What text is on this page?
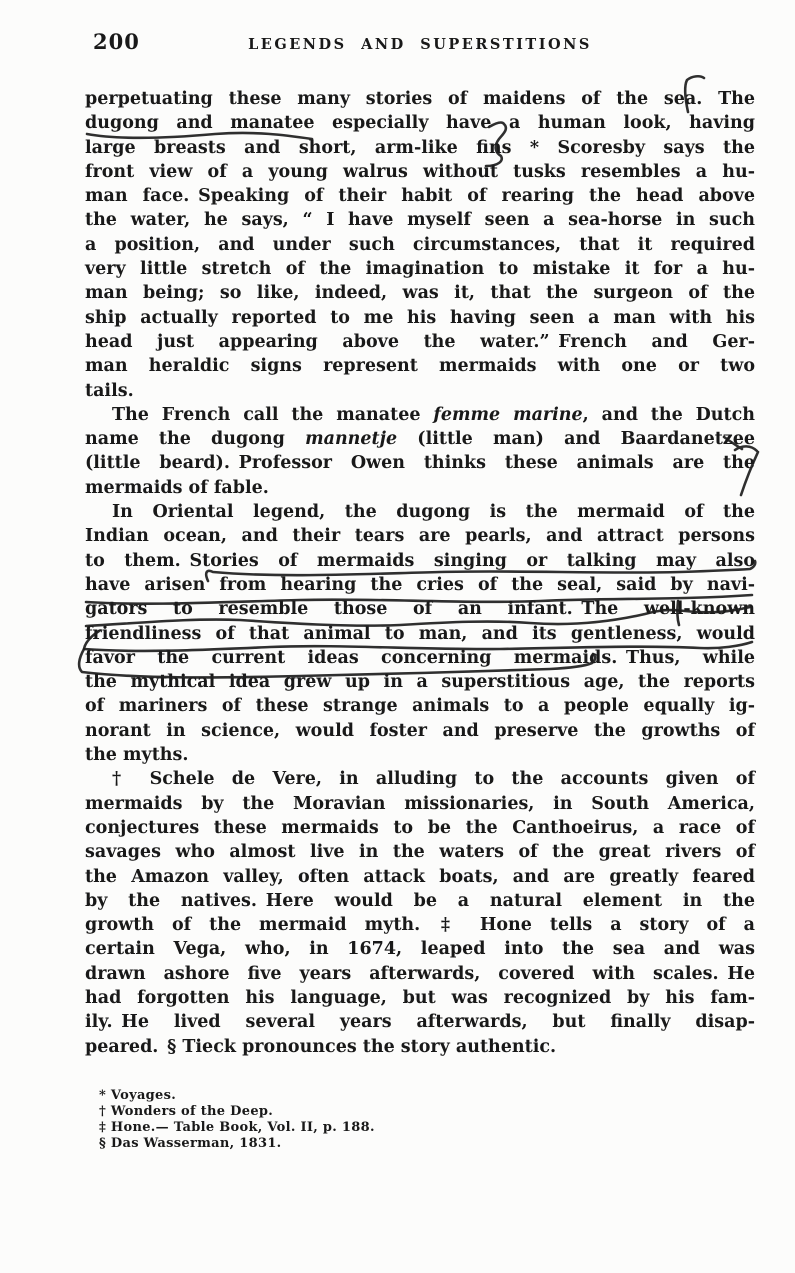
200	LEGENDS AND SUPERSTITIONS
perpetuating these many stories of maidens of the sea. The
dugong and manatee especially have a human look, having
large breasts and short, arm-like fins * Scoresby says the
front view of a young walrus without tusks resembles a hu-
man face. Speaking of their habit of rearing the head above
the water, he says, “ I have myself seen a sea-horse in such
a position, and under such circumstances, that it required
very little stretch of the imagination to mistake it for a hu-
man being; so like, indeed, was it, that the surgeon of the
ship actually reported to me his having seen a man with his
head just appearing above the water.” French and Ger-
man heraldic signs represent mermaids with one or two
tails.
The French call the manatee femme marine, and the Dutch
name the dugong mannetje (little man) and Baardanetzee
(little beard). Professor Owen thinks these animals are the
mermaids of fable.
In Oriental legend, the dugong is the mermaid of the
Indian ocean, and their tears are pearls, and attract persons
to them. Stories of mermaids singing or talking may also
have arisen from hearing the cries of the seal, said by navi-
gators to resemble those of an infant. The well-known
friendliness of that animal to man, and its gentleness, would
favor the current ideas concerning mermaids. Thus, while
the mythical idea grew up in a superstitious age, the reports
of mariners of these strange animals to a people equally ig-
norant in science, would foster and preserve the growths of
the myths.
† Schele de Vere, in alluding to the accounts given of
mermaids by the Moravian missionaries, in South America,
conjectures these mermaids to be the Canthoeirus, a race of
savages who almost live in the waters of the great rivers of
the Amazon valley, often attack boats, and are greatly feared
by the natives. Here would be a natural element in the
growth of the mermaid myth. ‡ Hone tells a story of a
certain Vega, who, in 1674, leaped into the sea and was
drawn ashore five years afterwards, covered with scales. He
had forgotten his language, but was recognized by his fam-
ily. He lived several years afterwards, but finally disap-
peared. § Tieck pronounces the story authentic.
* Voyages.
† Wonders of the Deep.
‡ Hone.— Table Book, Vol. II, p. 188.
§ Das Wasserman, 1831.
